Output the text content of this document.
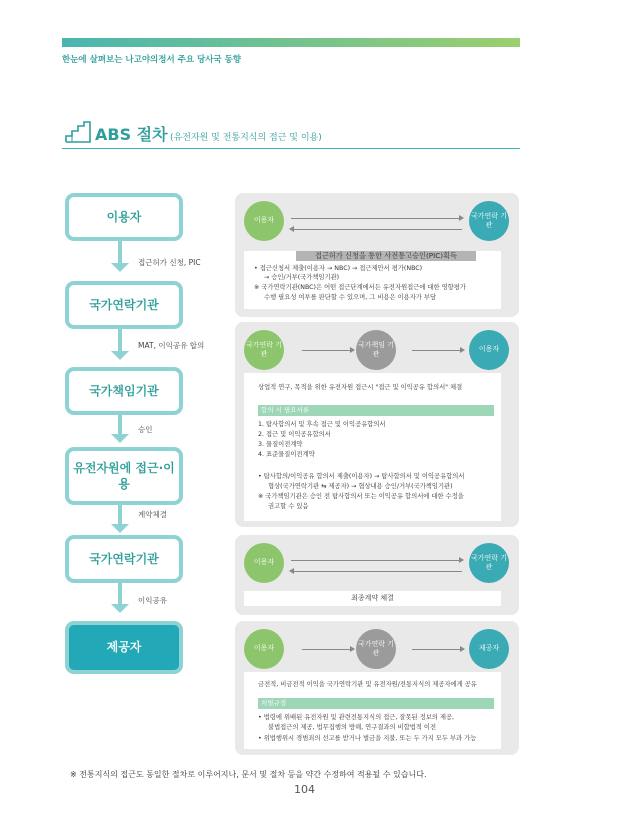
한눈에 살펴보는 나고야의정서 주요 당사국 동향
ABS 절차 (유전자원 및 전통지식의 접근 및 이용)
이용자
접근허가 신청, PIC
국가연락기관
MAT, 이익공유 합의
국가책임기관
승인
유전자원에 접근·이용
계약체결
국가연락기관
이익공유
제공자
이용자
국가연락 기관
접근허가 신청을 통한 사전통고승인(PIC)획득
• 접근신청서 제출(이용자 → NBC) → 접근제안서 평가(NBC)
→ 승인/거부(국가책임기관)
※ 국가연락기관(NBC)은 어떤 접근단계에서든 유전자원접근에 대한 영향평가
수행 필요성 여부를 판단할 수 있으며, 그 비용은 이용자가 부담
국가연락 기관
국가책임 기관
이용자
상업적 연구, 목적을 위한 유전자원 접근시 "접근 및 이익공유 합의서" 체결
합의 시 필요서류
1. 탐사합의서 및 후속 접근 및 이익공유합의서
2. 접근 및 이익공유합의서
3. 물질이전계약
4. 표준물질이전계약
• 탐사합의/이익공유 합의서 제출(이용자) → 탐사합의서 및 이익공유합의서
협상(국가연락기관 ⇆ 제공자) → 협상내용 승인/거부(국가책임기관)
※ 국가책임기관은 승인 전 탐사합의서 또는 이익공유 합의서에 대한 수정을
권고할 수 있음
이용자
국가연락 기관
최종계약 체결
이용자
국가연락 기관
제공자
금전적, 비금전적 이익을 국가연락기관 및 유전자원/전통지식의 제공자에게 공유
처벌규정
• 법령에 위배된 유전자원 및 관련전통지식의 접근, 잘못된 정보의 제공,
불법접근의 제공, 법무집행의 방해, 연구결과의 비합법적 이전
• 위법행위시 경범죄의 선고를 받거나 벌금을 지불, 또는 두 가지 모두 부과 가능
※ 전통지식의 접근도 동일한 절차로 이루어지나, 문서 및 절차 등을 약간 수정하여 적용될 수 있습니다.
104
